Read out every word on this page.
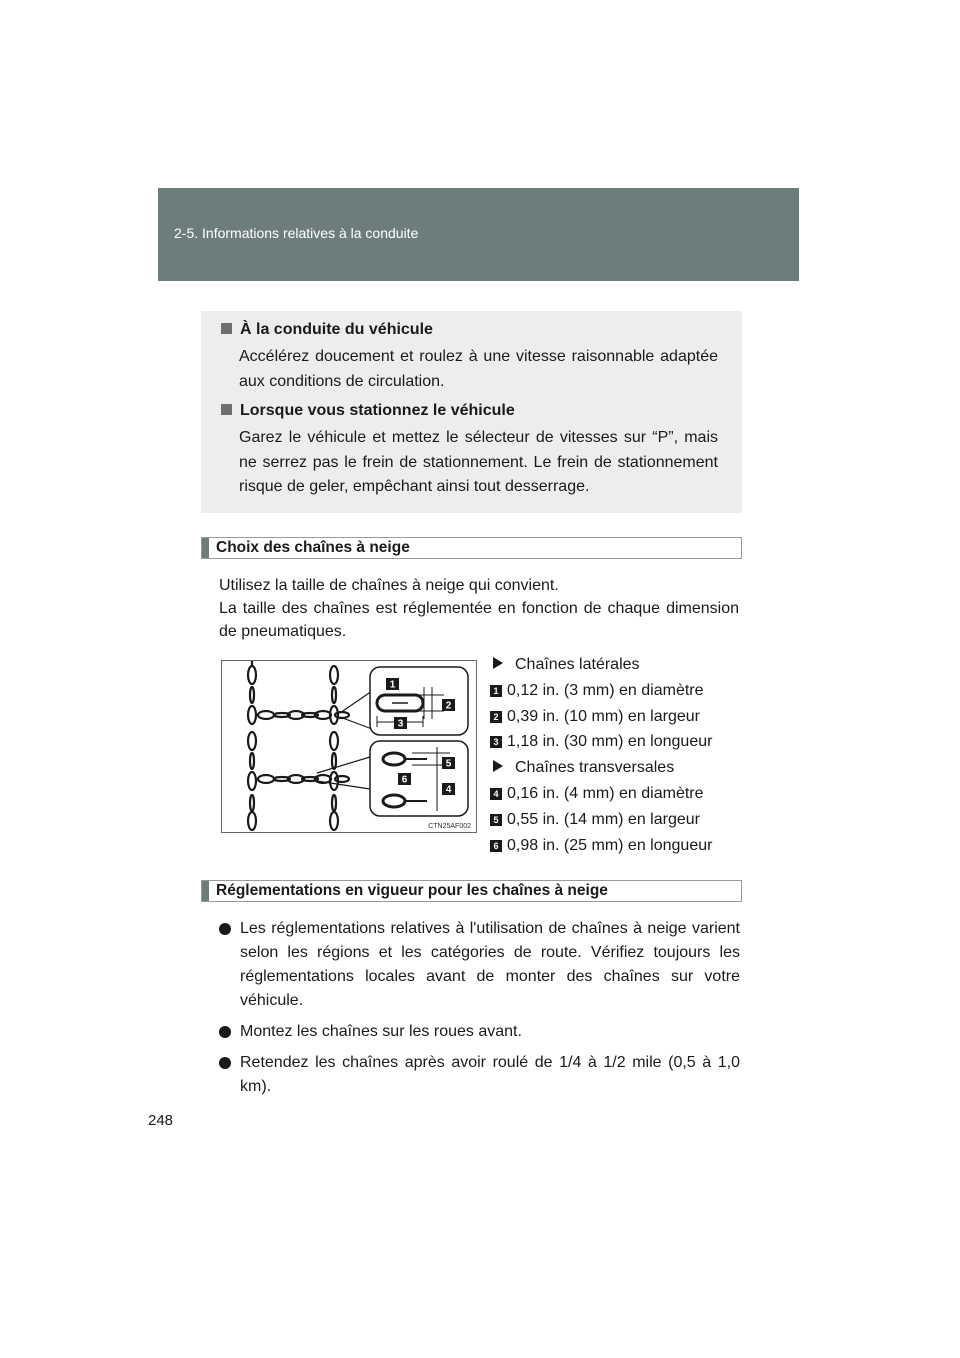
2-5. Informations relatives à la conduite
248
À la conduite du véhicule
Accélérez doucement et roulez à une vitesse raisonnable adaptée aux conditions de circulation.
Lorsque vous stationnez le véhicule
Garez le véhicule et mettez le sélecteur de vitesses sur “P”, mais ne serrez pas le frein de stationnement. Le frein de stationnement risque de geler, empêchant ainsi tout desserrage.
Choix des chaînes à neige
Utilisez la taille de chaînes à neige qui convient.
La taille des chaînes est réglementée en fonction de chaque dimension de pneumatiques.
1
2
3
4
5
6
CTN25AF002
Chaînes latérales
1 0,12 in. (3 mm) en diamètre
2 0,39 in. (10 mm) en largeur
3 1,18 in. (30 mm) en longueur
Chaînes transversales
4 0,16 in. (4 mm) en diamètre
5 0,55 in. (14 mm) en largeur
6 0,98 in. (25 mm) en longueur
Réglementations en vigueur pour les chaînes à neige
Les réglementations relatives à l'utilisation de chaînes à neige varient selon les régions et les catégories de route. Vérifiez toujours les réglementations locales avant de monter des chaînes sur votre véhicule.
Montez les chaînes sur les roues avant.
Retendez les chaînes après avoir roulé de 1/4 à 1/2 mile (0,5 à 1,0 km).
